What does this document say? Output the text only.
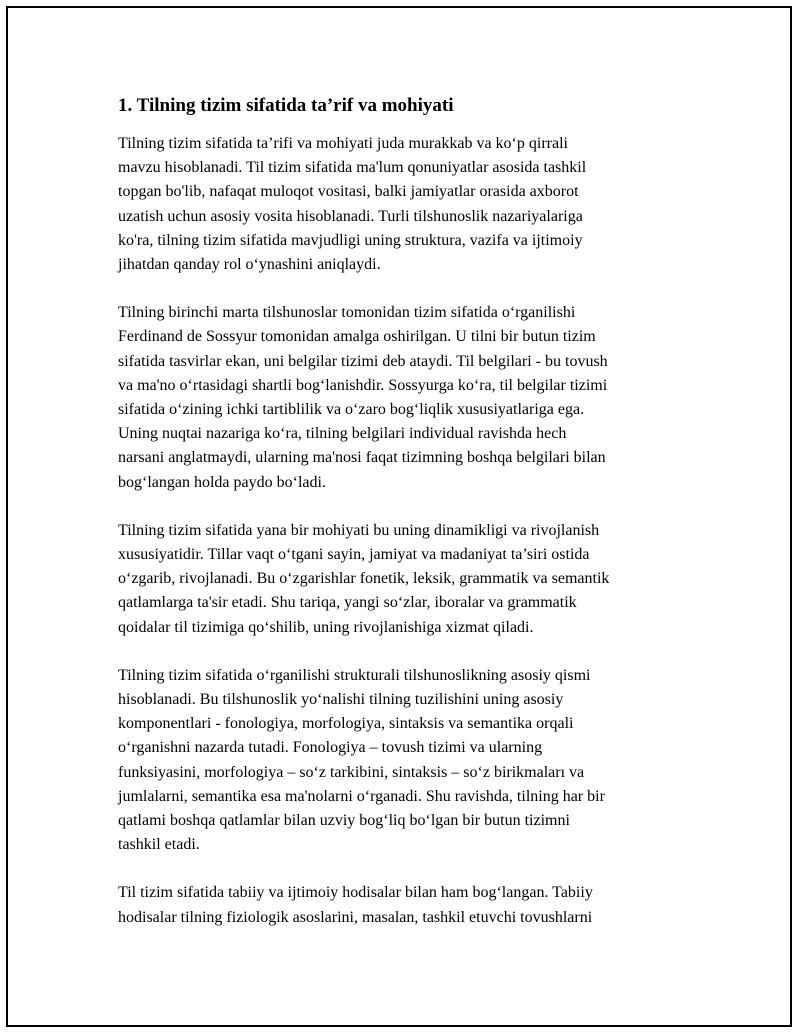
1. Tilning tizim sifatida ta’rif va mohiyati
Tilning tizim sifatida ta’rifi va mohiyati juda murakkab va ko‘p qirrali
mavzu hisoblanadi. Til tizim sifatida ma'lum qonuniyatlar asosida tashkil
topgan bo'lib, nafaqat muloqot vositasi, balki jamiyatlar orasida axborot
uzatish uchun asosiy vosita hisoblanadi. Turli tilshunoslik nazariyalariga
ko'ra, tilning tizim sifatida mavjudligi uning struktura, vazifa va ijtimoiy
jihatdan qanday rol o‘ynashini aniqlaydi.
Tilning birinchi marta tilshunoslar tomonidan tizim sifatida o‘rganilishi
Ferdinand de Sossyur tomonidan amalga oshirilgan. U tilni bir butun tizim
sifatida tasvirlar ekan, uni belgilar tizimi deb ataydi. Til belgilari - bu tovush
va ma'no o‘rtasidagi shartli bog‘lanishdir. Sossyurga ko‘ra, til belgilar tizimi
sifatida o‘zining ichki tartiblilik va o‘zaro bog‘liqlik xususiyatlariga ega.
Uning nuqtai nazariga ko‘ra, tilning belgilari individual ravishda hech
narsani anglatmaydi, ularning ma'nosi faqat tizimning boshqa belgilari bilan
bog‘langan holda paydo bo‘ladi.
Tilning tizim sifatida yana bir mohiyati bu uning dinamikligi va rivojlanish
xususiyatidir. Tillar vaqt o‘tgani sayin, jamiyat va madaniyat ta’siri ostida
o‘zgarib, rivojlanadi. Bu o‘zgarishlar fonetik, leksik, grammatik va semantik
qatlamlarga ta'sir etadi. Shu tariqa, yangi so‘zlar, iboralar va grammatik
qoidalar til tizimiga qo‘shilib, uning rivojlanishiga xizmat qiladi.
Tilning tizim sifatida o‘rganilishi strukturali tilshunoslikning asosiy qismi
hisoblanadi. Bu tilshunoslik yo‘nalishi tilning tuzilishini uning asosiy
komponentlari - fonologiya, morfologiya, sintaksis va semantika orqali
o‘rganishni nazarda tutadi. Fonologiya – tovush tizimi va ularning
funksiyasini, morfologiya – so‘z tarkibini, sintaksis – so‘z birikmaları va
jumlalarni, semantika esa ma'nolarni o‘rganadi. Shu ravishda, tilning har bir
qatlami boshqa qatlamlar bilan uzviy bog‘liq bo‘lgan bir butun tizimni
tashkil etadi.
Til tizim sifatida tabiiy va ijtimoiy hodisalar bilan ham bog‘langan. Tabiiy
hodisalar tilning fiziologik asoslarini, masalan, tashkil etuvchi tovushlarni
